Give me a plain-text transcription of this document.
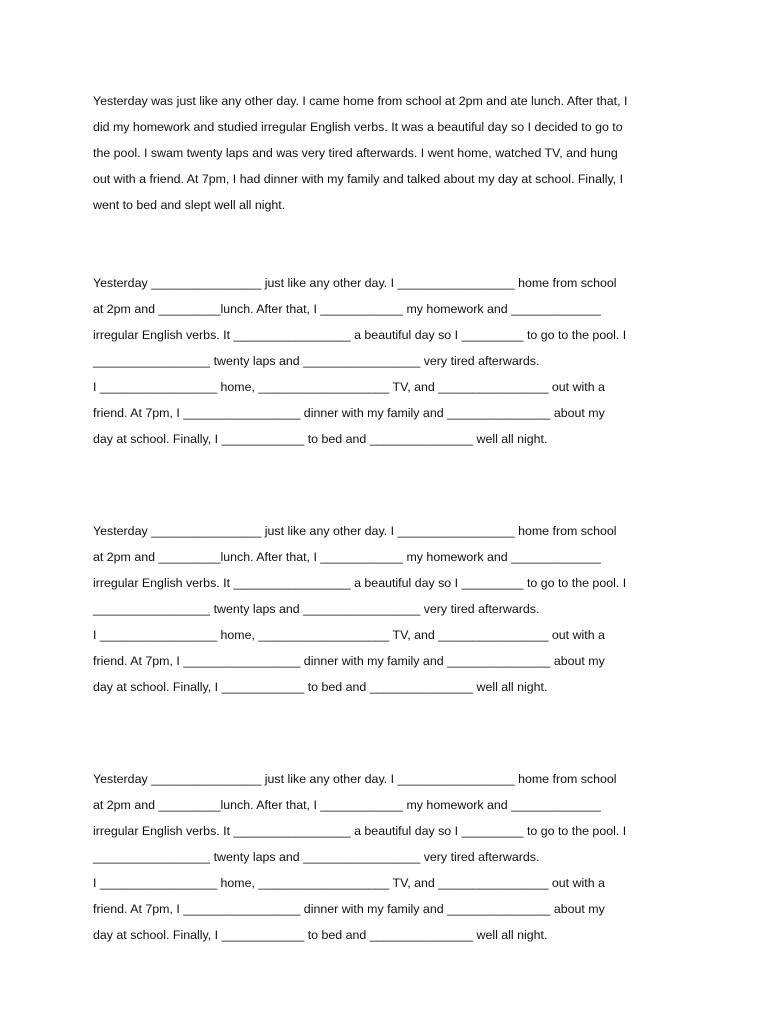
Yesterday was just like any other day. I came home from school at 2pm and ate lunch. After that, I
did my homework and studied irregular English verbs. It was a beautiful day so I decided to go to
the pool. I swam twenty laps and was very tired afterwards. I went home, watched TV, and hung
out with a friend. At 7pm, I had dinner with my family and talked about my day at school. Finally, I
went to bed and slept well all night.
Yesterday ________________ just like any other day. I _________________ home from school
at 2pm and _________lunch. After that, I ____________ my homework and _____________
irregular English verbs. It _________________ a beautiful day so I _________ to go to the pool. I
_________________ twenty laps and _________________ very tired afterwards.
I _________________ home, ___________________ TV, and ________________ out with a
friend. At 7pm, I _________________ dinner with my family and _______________ about my
day at school. Finally, I ____________ to bed and _______________ well all night.
Yesterday ________________ just like any other day. I _________________ home from school
at 2pm and _________lunch. After that, I ____________ my homework and _____________
irregular English verbs. It _________________ a beautiful day so I _________ to go to the pool. I
_________________ twenty laps and _________________ very tired afterwards.
I _________________ home, ___________________ TV, and ________________ out with a
friend. At 7pm, I _________________ dinner with my family and _______________ about my
day at school. Finally, I ____________ to bed and _______________ well all night.
Yesterday ________________ just like any other day. I _________________ home from school
at 2pm and _________lunch. After that, I ____________ my homework and _____________
irregular English verbs. It _________________ a beautiful day so I _________ to go to the pool. I
_________________ twenty laps and _________________ very tired afterwards.
I _________________ home, ___________________ TV, and ________________ out with a
friend. At 7pm, I _________________ dinner with my family and _______________ about my
day at school. Finally, I ____________ to bed and _______________ well all night.
